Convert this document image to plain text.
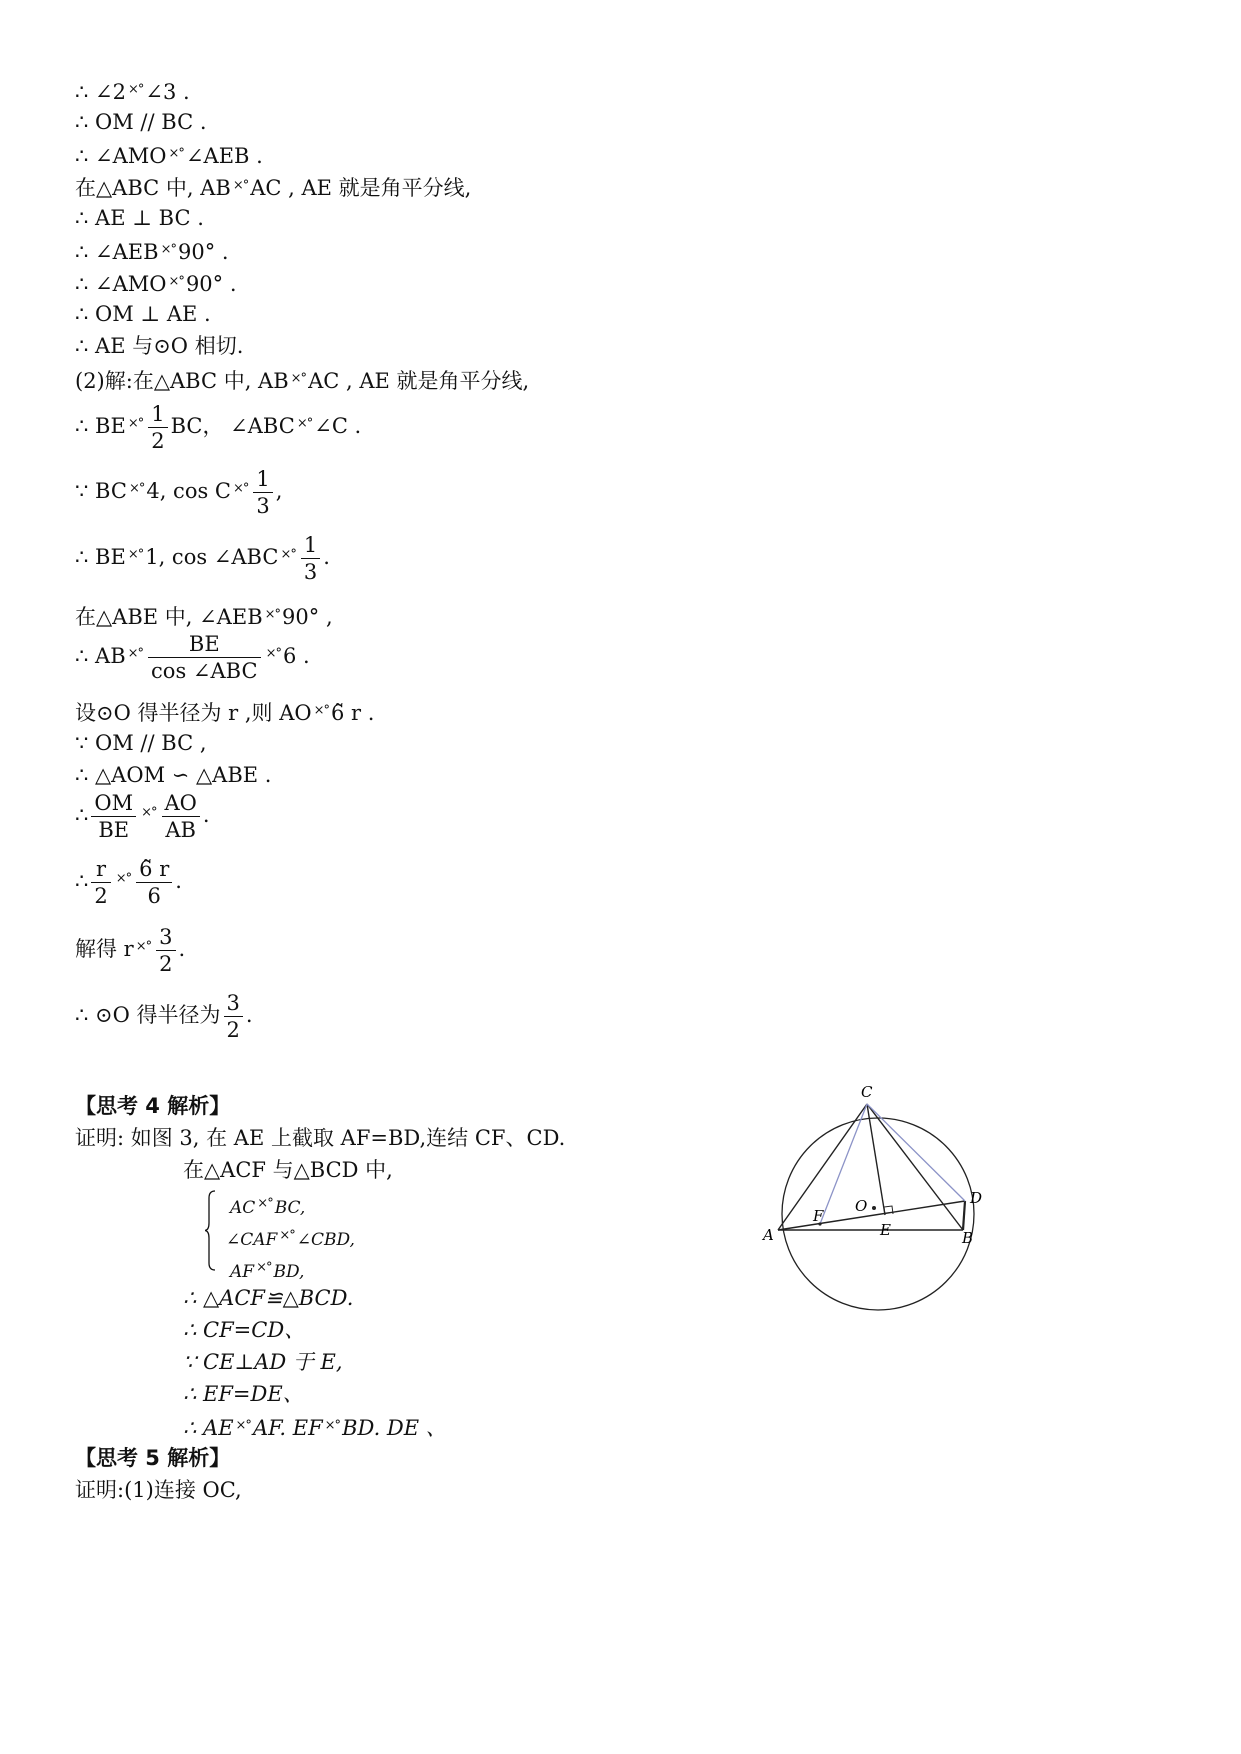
∴ ∠2 ×°∠3 .
∴ OM // BC .
∴ ∠AMO ×°∠AEB .
在△ABC 中, AB ×°AC , AE 就是角平分线,
∴ AE ⊥ BC .
∴ ∠AEB ×°90° .
∴ ∠AMO ×°90° .
∴ OM ⊥ AE .
∴ AE 与⊙O 相切.
(2)解:在△ABC 中, AB ×°AC , AE 就是角平分线,
∴ BE $^{\times^\circ} \frac{1}{2}$ BC， ∠ABC ×°∠C .
∵ BC ×°4, cos C $^{\times^\circ} \frac{1}{3}$ ,
∴ BE ×°1, cos ∠ABC $^{\times^\circ} \frac{1}{3}$ .
在△ABE 中, ∠AEB ×°90° ,
∴ AB $^{\times^\circ} \frac{BE}{\text{cos ∠ABC}} ^{\times^\circ}6$ .
设⊙O 得半径为 r ,则 AO ×°6̃ r .
∵ OM // BC ,
∴ △AOM ∽ △ABE .
∴ $\frac{OM}{BE} ^{\times^\circ} \frac{AO}{AB}$ .
∴ $\frac{r}{2} ^{\times^\circ} \frac{6̃ r}{6}$ .
解得 r $^{\times^\circ} \frac{3}{2}$ .
∴ ⊙O 得半径为 $\frac{3}{2}$ .
【思考 4 解析】
证明: 如图 3, 在 AE 上截取 AF=BD,连结 CF、CD.
在△ACF 与△BCD 中,
AC ×° BC,
∠CAF ×° ∠CBD,
AF ×° BD,
∴ △ACF≌△BCD.
∴ CF=CD、
∵ CE⊥AD 于 E,
∴ EF=DE、
∴ AE ×°AF. EF ×°BD. DE 、
【思考 5 解析】
证明:(1)连接 OC,
C
D
O
F
E
A	B
